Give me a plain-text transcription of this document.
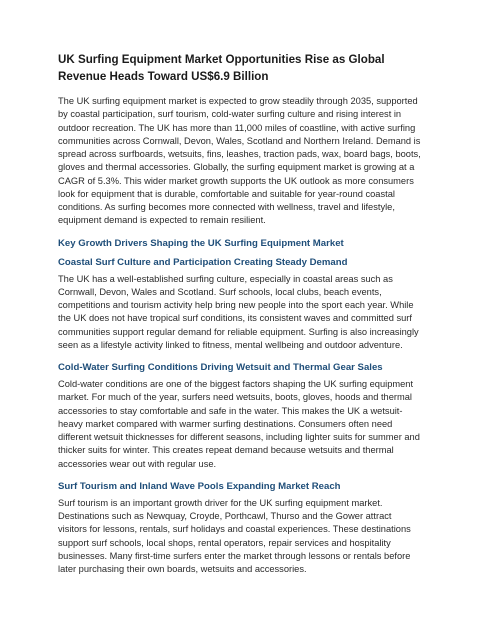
UK Surfing Equipment Market Opportunities Rise as Global Revenue Heads Toward US$6.9 Billion
The UK surfing equipment market is expected to grow steadily through 2035, supported by coastal participation, surf tourism, cold-water surfing culture and rising interest in outdoor recreation. The UK has more than 11,000 miles of coastline, with active surfing communities across Cornwall, Devon, Wales, Scotland and Northern Ireland. Demand is spread across surfboards, wetsuits, fins, leashes, traction pads, wax, board bags, boots, gloves and thermal accessories. Globally, the surfing equipment market is growing at a CAGR of 5.3%. This wider market growth supports the UK outlook as more consumers look for equipment that is durable, comfortable and suitable for year-round coastal conditions. As surfing becomes more connected with wellness, travel and lifestyle, equipment demand is expected to remain resilient.
Key Growth Drivers Shaping the UK Surfing Equipment Market
Coastal Surf Culture and Participation Creating Steady Demand
The UK has a well-established surfing culture, especially in coastal areas such as Cornwall, Devon, Wales and Scotland. Surf schools, local clubs, beach events, competitions and tourism activity help bring new people into the sport each year. While the UK does not have tropical surf conditions, its consistent waves and committed surf communities support regular demand for reliable equipment. Surfing is also increasingly seen as a lifestyle activity linked to fitness, mental wellbeing and outdoor adventure.
Cold-Water Surfing Conditions Driving Wetsuit and Thermal Gear Sales
Cold-water conditions are one of the biggest factors shaping the UK surfing equipment market. For much of the year, surfers need wetsuits, boots, gloves, hoods and thermal accessories to stay comfortable and safe in the water. This makes the UK a wetsuit-heavy market compared with warmer surfing destinations. Consumers often need different wetsuit thicknesses for different seasons, including lighter suits for summer and thicker suits for winter. This creates repeat demand because wetsuits and thermal accessories wear out with regular use.
Surf Tourism and Inland Wave Pools Expanding Market Reach
Surf tourism is an important growth driver for the UK surfing equipment market. Destinations such as Newquay, Croyde, Porthcawl, Thurso and the Gower attract visitors for lessons, rentals, surf holidays and coastal experiences. These destinations support surf schools, local shops, rental operators, repair services and hospitality businesses. Many first-time surfers enter the market through lessons or rentals before later purchasing their own boards, wetsuits and accessories.
